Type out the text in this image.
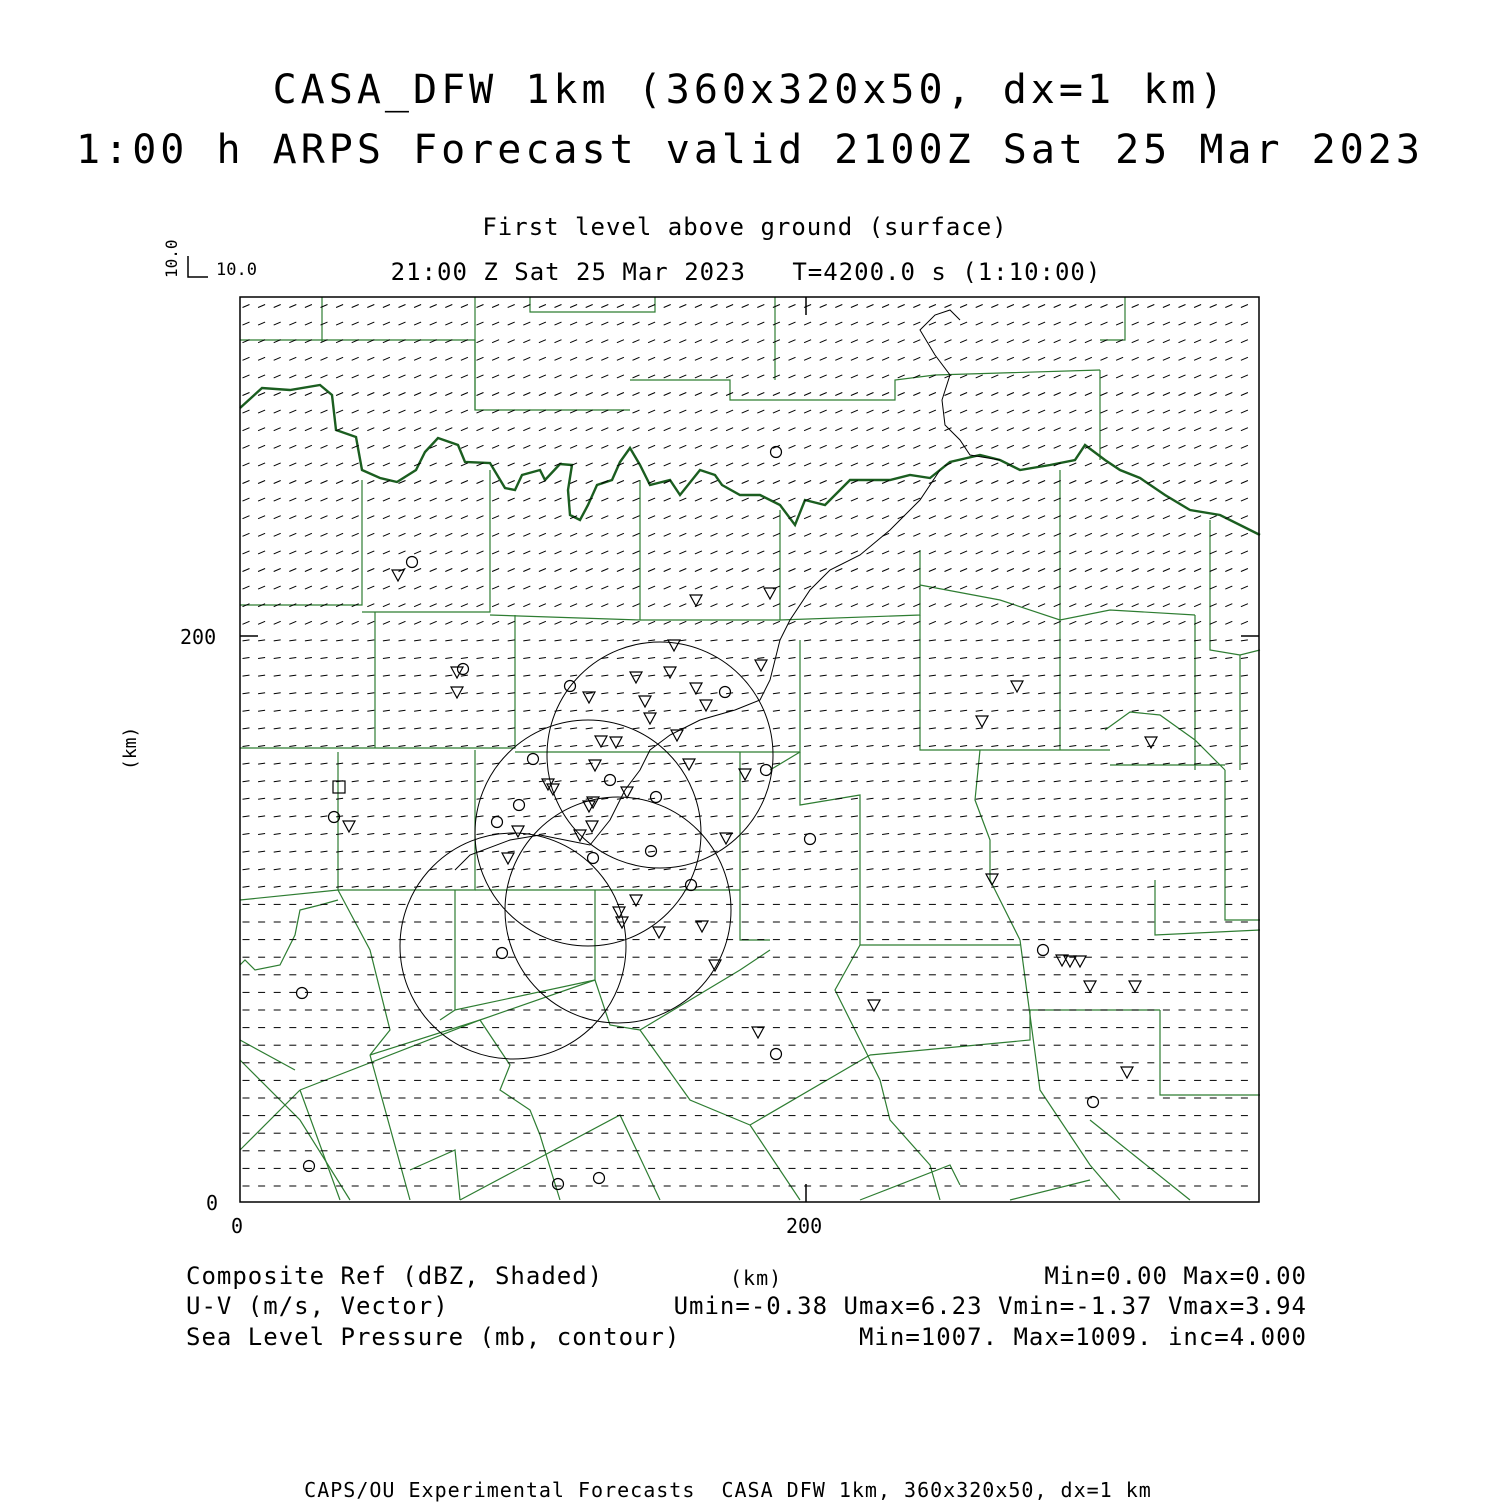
CASA_DFW 1km (360x320x50, dx=1 km)
1:00 h ARPS Forecast valid 2100Z Sat 25 Mar 2023
First level above ground (surface)
21:00 Z Sat 25 Mar 2023   T=4200.0 s (1:10:00)
10.0 10.0
200
0
0	200
(km)
Composite Ref (dBZ, Shaded)	(km)	Min=0.00 Max=0.00
U-V (m/s, Vector)	Umin=-0.38 Umax=6.23 Vmin=-1.37 Vmax=3.94
Sea Level Pressure (mb, contour)	Min=1007. Max=1009. inc=4.000
CAPS/OU Experimental Forecasts  CASA DFW 1km, 360x320x50, dx=1 km
